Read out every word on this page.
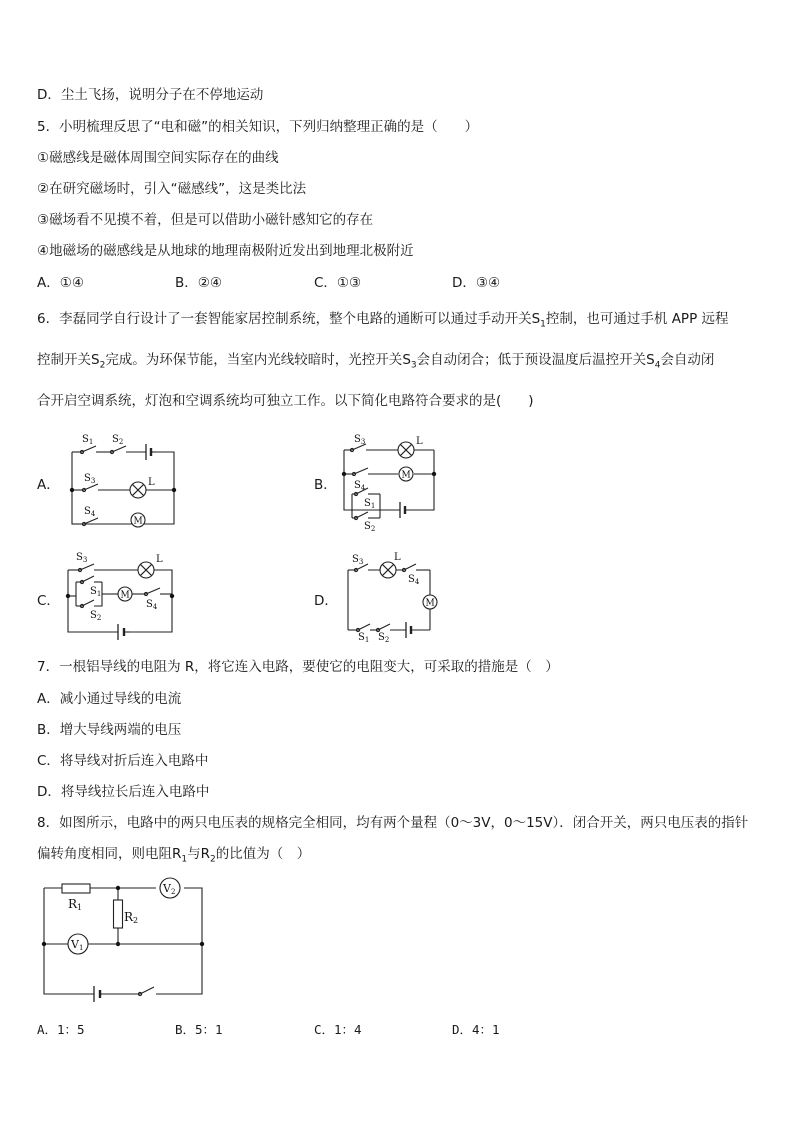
D．尘土飞扬，说明分子在不停地运动
5．小明梳理反思了“电和磁”的相关知识，下列归纳整理正确的是（　　）
①磁感线是磁体周围空间实际存在的曲线
②在研究磁场时，引入“磁感线”，这是类比法
③磁场看不见摸不着，但是可以借助小磁针感知它的存在
④地磁场的磁感线是从地球的地理南极附近发出到地理北极附近
A．①④	B．②④	C．①③	D．③④
6．李磊同学自行设计了一套智能家居控制系统，整个电路的通断可以通过手动开关$S_1$控制，也可通过手机 APP 远程
控制开关$S_2$完成。为环保节能，当室内光线较暗时，光控开关$S_3$会自动闭合；低于预设温度后温控开关$S_4$会自动闭
合开启空调系统，灯泡和空调系统均可独立工作。以下简化电路符合要求的是(　　)
A．	B．
C．	D．
$S_1$ $S_2$
$S_3$	L
M
$S_4$
$S_3$	L
M
$S_4$
$S_1$
$S_2$
$S_3$	L
$S_1$
$S_2$
M
$S_4$
$S_3$	L
$S_4$
M
$S_1$ $S_2$
7．一根铝导线的电阻为 R，将它连入电路，要使它的电阻变大，可采取的措施是（　）
A．减小通过导线的电流
B．增大导线两端的电压
C．将导线对折后连入电路中
D．将导线拉长后连入电路中
8．如图所示，电路中的两只电压表的规格完全相同，均有两个量程（0～3V，0～15V）．闭合开关，两只电压表的指针
偏转角度相同，则电阻$R_1$与$R_2$的比值为（　）
V2
V1
R1
R2
A．1：5	B．5：1	C．1：4	D．4：1
